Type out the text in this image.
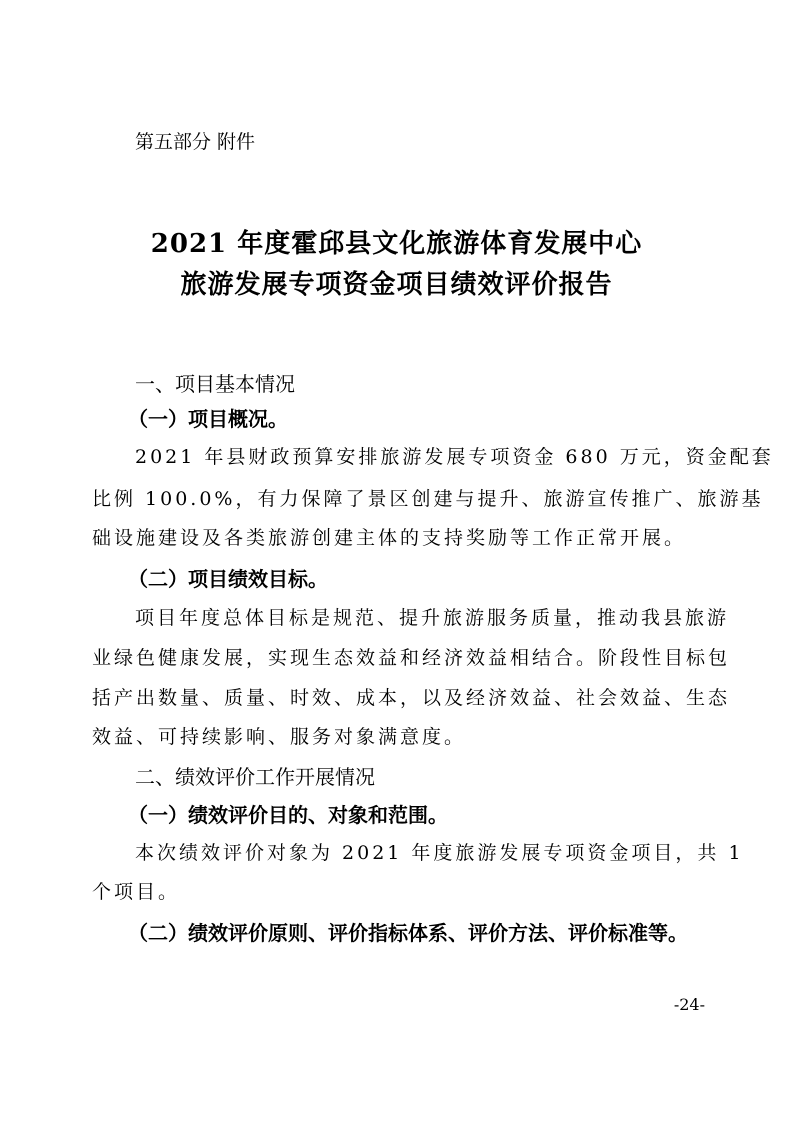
第五部分 附件
2021 年度霍邱县文化旅游体育发展中心
旅游发展专项资金项目绩效评价报告
一、项目基本情况
（一）项目概况。
2021 年县财政预算安排旅游发展专项资金 680 万元，资金配套
比例 100.0%，有力保障了景区创建与提升、旅游宣传推广、旅游基
础设施建设及各类旅游创建主体的支持奖励等工作正常开展。
（二）项目绩效目标。
项目年度总体目标是规范、提升旅游服务质量，推动我县旅游
业绿色健康发展，实现生态效益和经济效益相结合。阶段性目标包
括产出数量、质量、时效、成本，以及经济效益、社会效益、生态
效益、可持续影响、服务对象满意度。
二、绩效评价工作开展情况
（一）绩效评价目的、对象和范围。
本次绩效评价对象为 2021 年度旅游发展专项资金项目，共 1
个项目。
（二）绩效评价原则、评价指标体系、评价方法、评价标准等。
-24-
